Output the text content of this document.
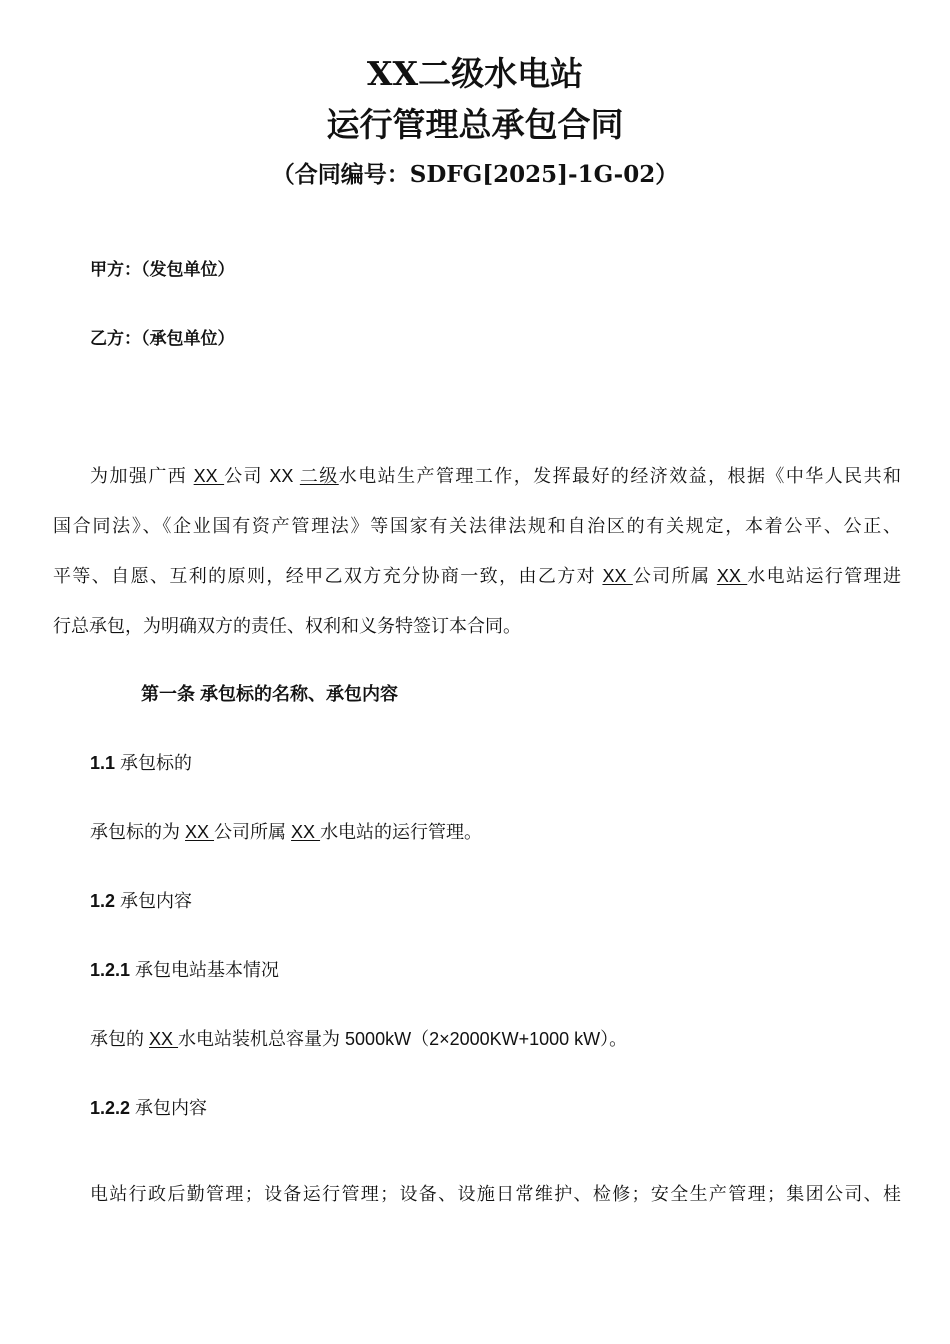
XX二级水电站
运行管理总承包合同
（合同编号：SDFG[2025]-1G-02）
甲方：（发包单位）
乙方：（承包单位）
为加强广西 XX 公司 XX 二级水电站生产管理工作，发挥最好的经济效益，根据《中华人民共和
国合同法》、《企业国有资产管理法》等国家有关法律法规和自治区的有关规定，本着公平、公正、
平等、自愿、互利的原则，经甲乙双方充分协商一致，由乙方对 XX 公司所属 XX 水电站运行管理进
行总承包，为明确双方的责任、权利和义务特签订本合同。
第一条 承包标的名称、承包内容
1.1 承包标的
承包标的为 XX 公司所属 XX 水电站的运行管理。
1.2 承包内容
1.2.1 承包电站基本情况
承包的 XX 水电站装机总容量为 5000kW（2×2000KW+1000 kW）。
1.2.2 承包内容
电站行政后勤管理；设备运行管理；设备、设施日常维护、检修；安全生产管理；集团公司、桂
